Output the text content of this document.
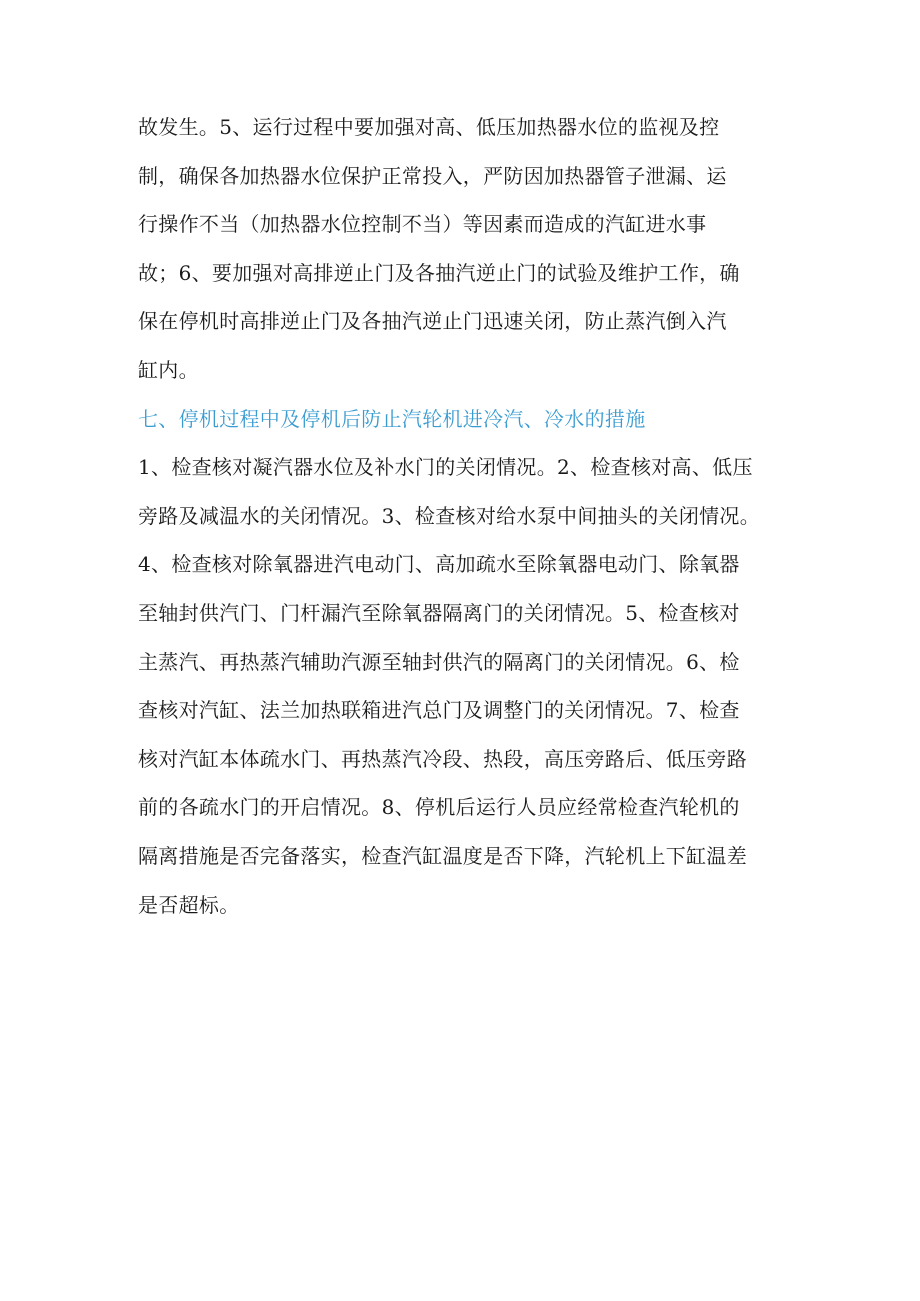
故发生。5、运行过程中要加强对高、低压加热器水位的监视及控
制，确保各加热器水位保护正常投入，严防因加热器管子泄漏、运
行操作不当（加热器水位控制不当）等因素而造成的汽缸进水事
故；6、要加强对高排逆止门及各抽汽逆止门的试验及维护工作，确
保在停机时高排逆止门及各抽汽逆止门迅速关闭，防止蒸汽倒入汽
缸内。
七、停机过程中及停机后防止汽轮机进冷汽、冷水的措施
1、检查核对凝汽器水位及补水门的关闭情况。2、检查核对高、低压
旁路及减温水的关闭情况。3、检查核对给水泵中间抽头的关闭情况。
4、检查核对除氧器进汽电动门、高加疏水至除氧器电动门、除氧器
至轴封供汽门、门杆漏汽至除氧器隔离门的关闭情况。5、检查核对
主蒸汽、再热蒸汽辅助汽源至轴封供汽的隔离门的关闭情况。6、检
查核对汽缸、法兰加热联箱进汽总门及调整门的关闭情况。7、检查
核对汽缸本体疏水门、再热蒸汽冷段、热段，高压旁路后、低压旁路
前的各疏水门的开启情况。8、停机后运行人员应经常检查汽轮机的
隔离措施是否完备落实，检查汽缸温度是否下降，汽轮机上下缸温差
是否超标。
